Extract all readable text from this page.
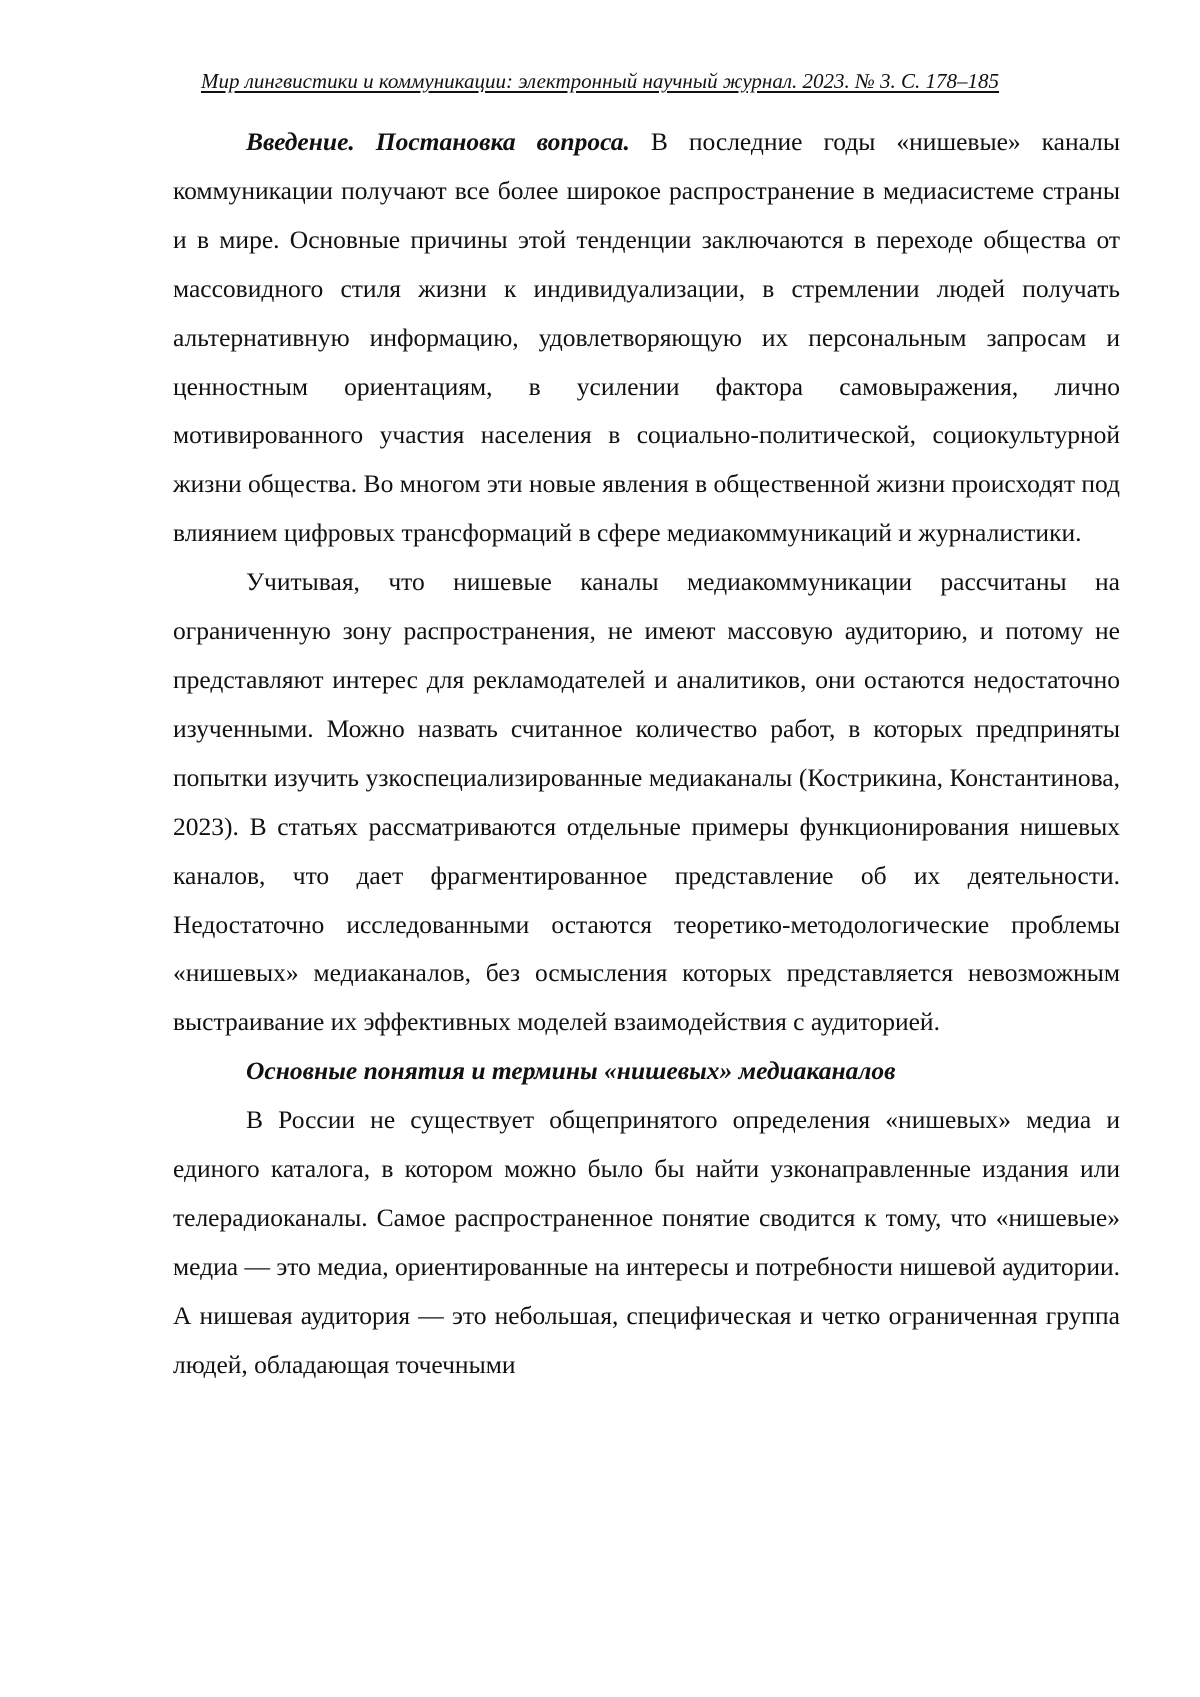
Мир лингвистики и коммуникации: электронный научный журнал. 2023. № 3. С. 178–185

Введение. Постановка вопроса. В последние годы «нишевые» каналы коммуникации получают все более широкое распространение в медиасистеме страны и в мире. Основные причины этой тенденции заключаются в переходе общества от массовидного стиля жизни к индивидуализации, в стремлении людей получать альтернативную информацию, удовлетворяющую их персональным запросам и ценностным ориентациям, в усилении фактора самовыражения, лично мотивированного участия населения в социально-политической, социокультурной жизни общества. Во многом эти новые явления в общественной жизни происходят под влиянием цифровых трансформаций в сфере медиакоммуникаций и журналистики.

Учитывая, что нишевые каналы медиакоммуникации рассчитаны на ограниченную зону распространения, не имеют массовую аудиторию, и потому не представляют интерес для рекламодателей и аналитиков, они остаются недостаточно изученными. Можно назвать считанное количество работ, в которых предприняты попытки изучить узкоспециализированные медиаканалы (Кострикина, Константинова, 2023). В статьях рассматриваются отдельные примеры функционирования нишевых каналов, что дает фрагментированное представление об их деятельности. Недостаточно исследованными остаются теоретико-методологические проблемы «нишевых» медиаканалов, без осмысления которых представляется невозможным выстраивание их эффективных моделей взаимодействия с аудиторией.

Основные понятия и термины «нишевых» медиаканалов

В России не существует общепринятого определения «нишевых» медиа и единого каталога, в котором можно было бы найти узконаправленные издания или телерадиоканалы. Самое распространенное понятие сводится к тому, что «нишевые» медиа — это медиа, ориентированные на интересы и потребности нишевой аудитории. А нишевая аудитория — это небольшая, специфическая и четко ограниченная группа людей, обладающая точечными
